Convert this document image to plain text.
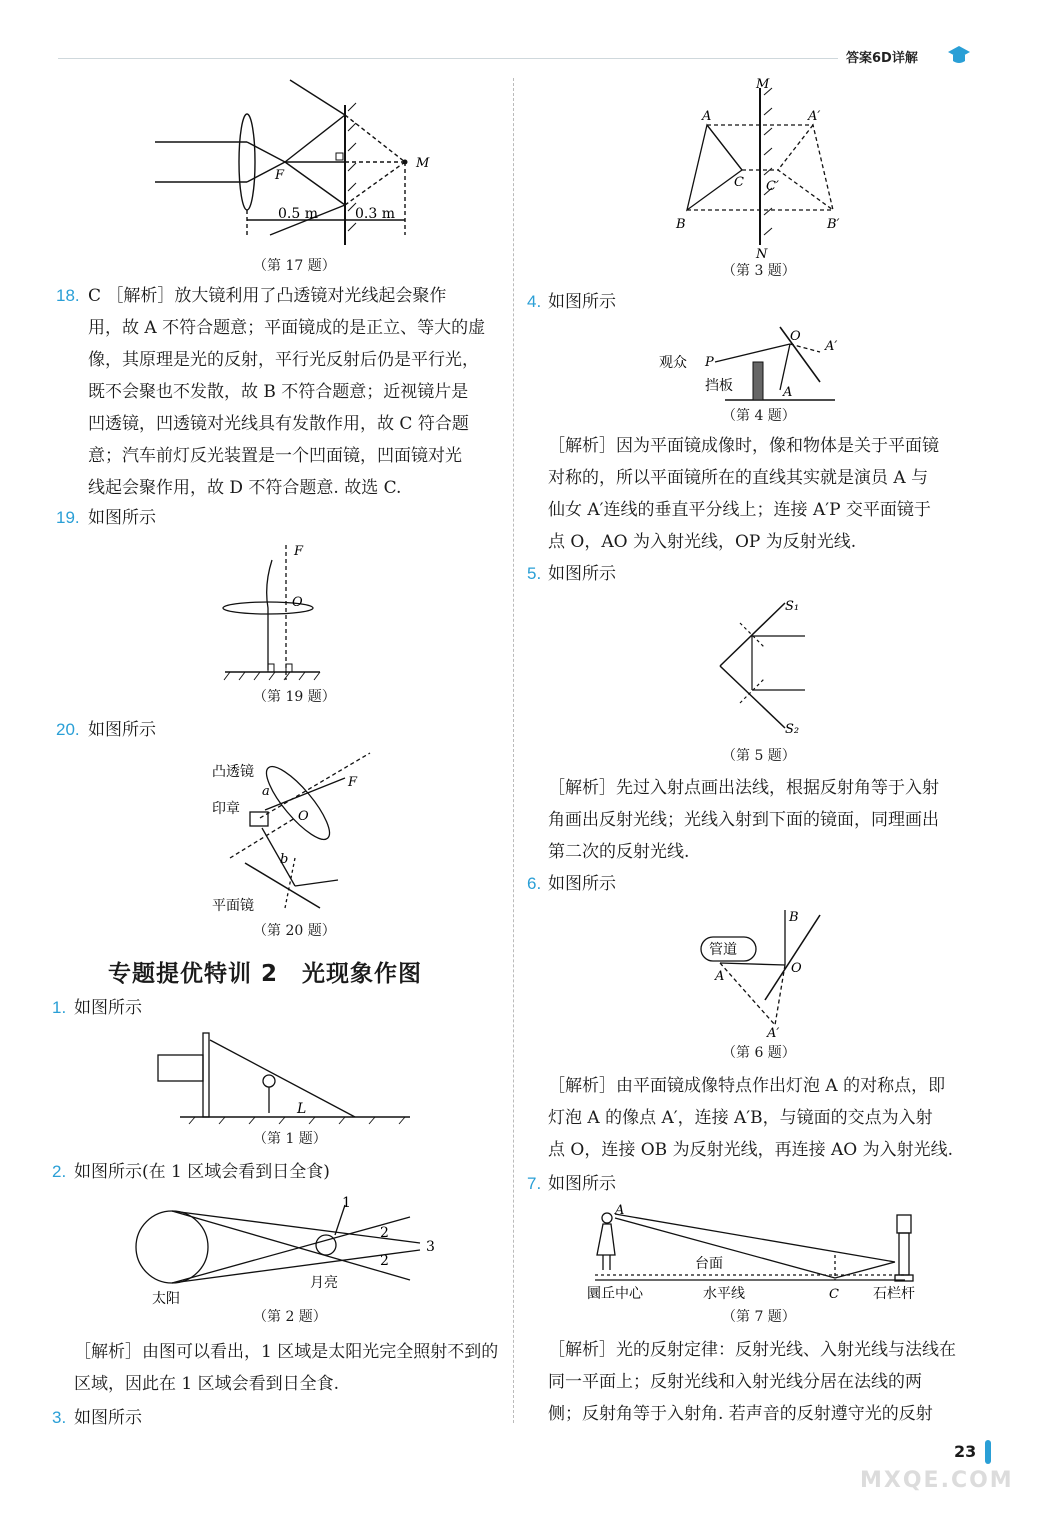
答案6D详解
F
M
0.5 m	0.3 m
（第 17 题）
18. C ［解析］放大镜利用了凸透镜对光线起会聚作
用，故 A 不符合题意；平面镜成的是正立、等大的虚
像，其原理是光的反射，平行光反射后仍是平行光，
既不会聚也不发散，故 B 不符合题意；近视镜片是
凹透镜，凹透镜对光线具有发散作用，故 C 符合题
意；汽车前灯反光装置是一个凹面镜，凹面镜对光
线起会聚作用，故 D 不符合题意. 故选 C.
19. 如图所示
F
O
（第 19 题）
20. 如图所示
凸透镜
印章
平面镜
a
b
O
F
（第 20 题）
专题提优特训 2　光现象作图
1. 如图所示
L
（第 1 题）
2. 如图所示(在 1 区域会看到日全食)
1
2
2
3
太阳
月亮
（第 2 题）
［解析］由图可以看出，1 区域是太阳光完全照射不到的
区域，因此在 1 区域会看到日全食.
3. 如图所示
M
N
A	A′
B	B′
C C′
（第 3 题）
4. 如图所示
观众 P
挡板
O
A
A′
（第 4 题）
［解析］因为平面镜成像时，像和物体是关于平面镜
对称的，所以平面镜所在的直线其实就是演员 A 与
仙女 A′连线的垂直平分线上；连接 A′P 交平面镜于
点 O，AO 为入射光线，OP 为反射光线.
5. 如图所示
S₁
S₂
（第 5 题）
［解析］先过入射点画出法线，根据反射角等于入射
角画出反射光线；光线入射到下面的镜面，同理画出
第二次的反射光线.
6. 如图所示
管道
A
B
O
A′
（第 6 题）
［解析］由平面镜成像特点作出灯泡 A 的对称点，即
灯泡 A 的像点 A′，连接 A′B，与镜面的交点为入射
点 O，连接 OB 为反射光线，再连接 AO 为入射光线.
7. 如图所示
A
台面
圜丘中心	水平线	C 石栏杆
（第 7 题）
［解析］光的反射定律：反射光线、入射光线与法线在
同一平面上；反射光线和入射光线分居在法线的两
侧；反射角等于入射角. 若声音的反射遵守光的反射
23
MXQE.COM
